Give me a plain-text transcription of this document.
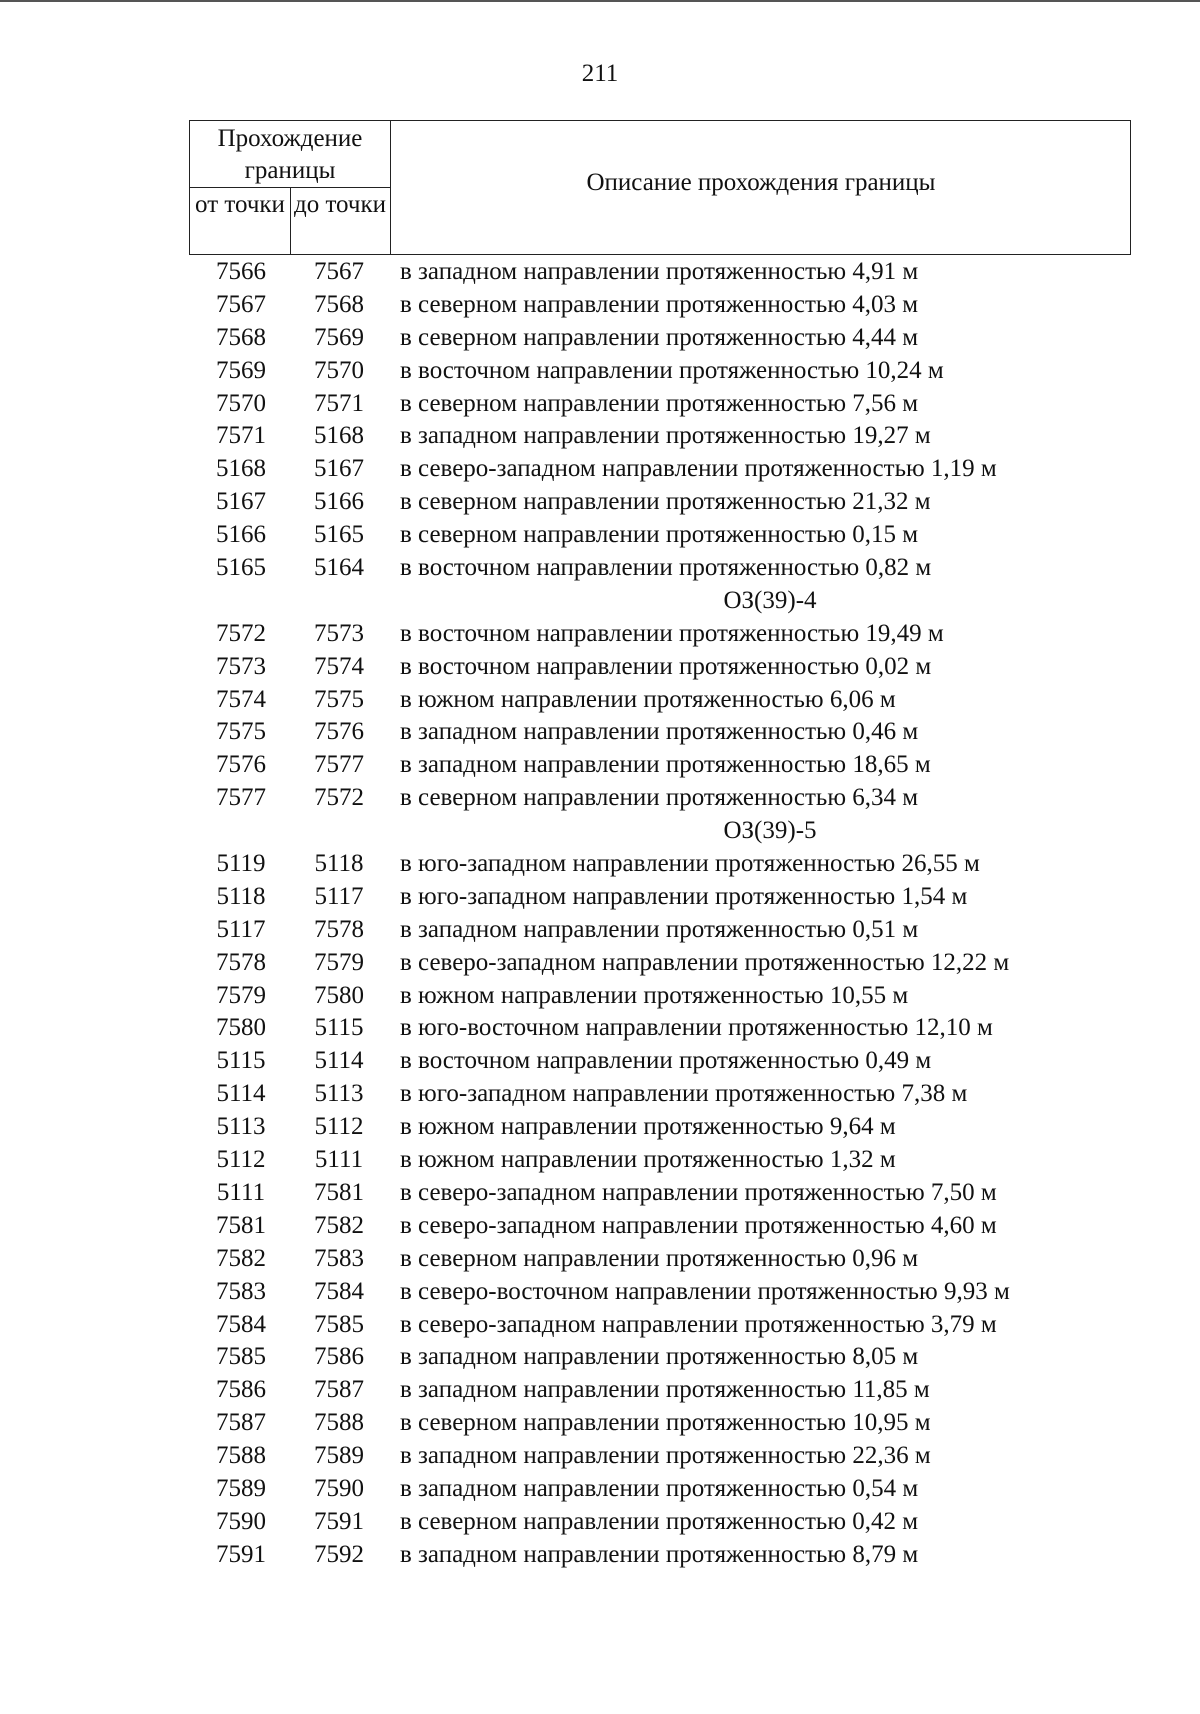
211
Прохождение границы
от точки до точки
Описание прохождения границы
7566	7567	в западном направлении протяженностью 4,91 м
7567	7568	в северном направлении протяженностью 4,03 м
7568	7569	в северном направлении протяженностью 4,44 м
7569	7570	в восточном направлении протяженностью 10,24 м
7570	7571	в северном направлении протяженностью 7,56 м
7571	5168	в западном направлении протяженностью 19,27 м
5168	5167	в северо-западном направлении протяженностью 1,19 м
5167	5166	в северном направлении протяженностью 21,32 м
5166	5165	в северном направлении протяженностью 0,15 м
5165	5164	в восточном направлении протяженностью 0,82 м
ОЗ(39)-4
7572	7573	в восточном направлении протяженностью 19,49 м
7573	7574	в восточном направлении протяженностью 0,02 м
7574	7575	в южном направлении протяженностью 6,06 м
7575	7576	в западном направлении протяженностью 0,46 м
7576	7577	в западном направлении протяженностью 18,65 м
7577	7572	в северном направлении протяженностью 6,34 м
ОЗ(39)-5
5119	5118	в юго-западном направлении протяженностью 26,55 м
5118	5117	в юго-западном направлении протяженностью 1,54 м
5117	7578	в западном направлении протяженностью 0,51 м
7578	7579	в северо-западном направлении протяженностью 12,22 м
7579	7580	в южном направлении протяженностью 10,55 м
7580	5115	в юго-восточном направлении протяженностью 12,10 м
5115	5114	в восточном направлении протяженностью 0,49 м
5114	5113	в юго-западном направлении протяженностью 7,38 м
5113	5112	в южном направлении протяженностью 9,64 м
5112	5111	в южном направлении протяженностью 1,32 м
5111	7581	в северо-западном направлении протяженностью 7,50 м
7581	7582	в северо-западном направлении протяженностью 4,60 м
7582	7583	в северном направлении протяженностью 0,96 м
7583	7584	в северо-восточном направлении протяженностью 9,93 м
7584	7585	в северо-западном направлении протяженностью 3,79 м
7585	7586	в западном направлении протяженностью 8,05 м
7586	7587	в западном направлении протяженностью 11,85 м
7587	7588	в северном направлении протяженностью 10,95 м
7588	7589	в западном направлении протяженностью 22,36 м
7589	7590	в западном направлении протяженностью 0,54 м
7590	7591	в северном направлении протяженностью 0,42 м
7591	7592	в западном направлении протяженностью 8,79 м
